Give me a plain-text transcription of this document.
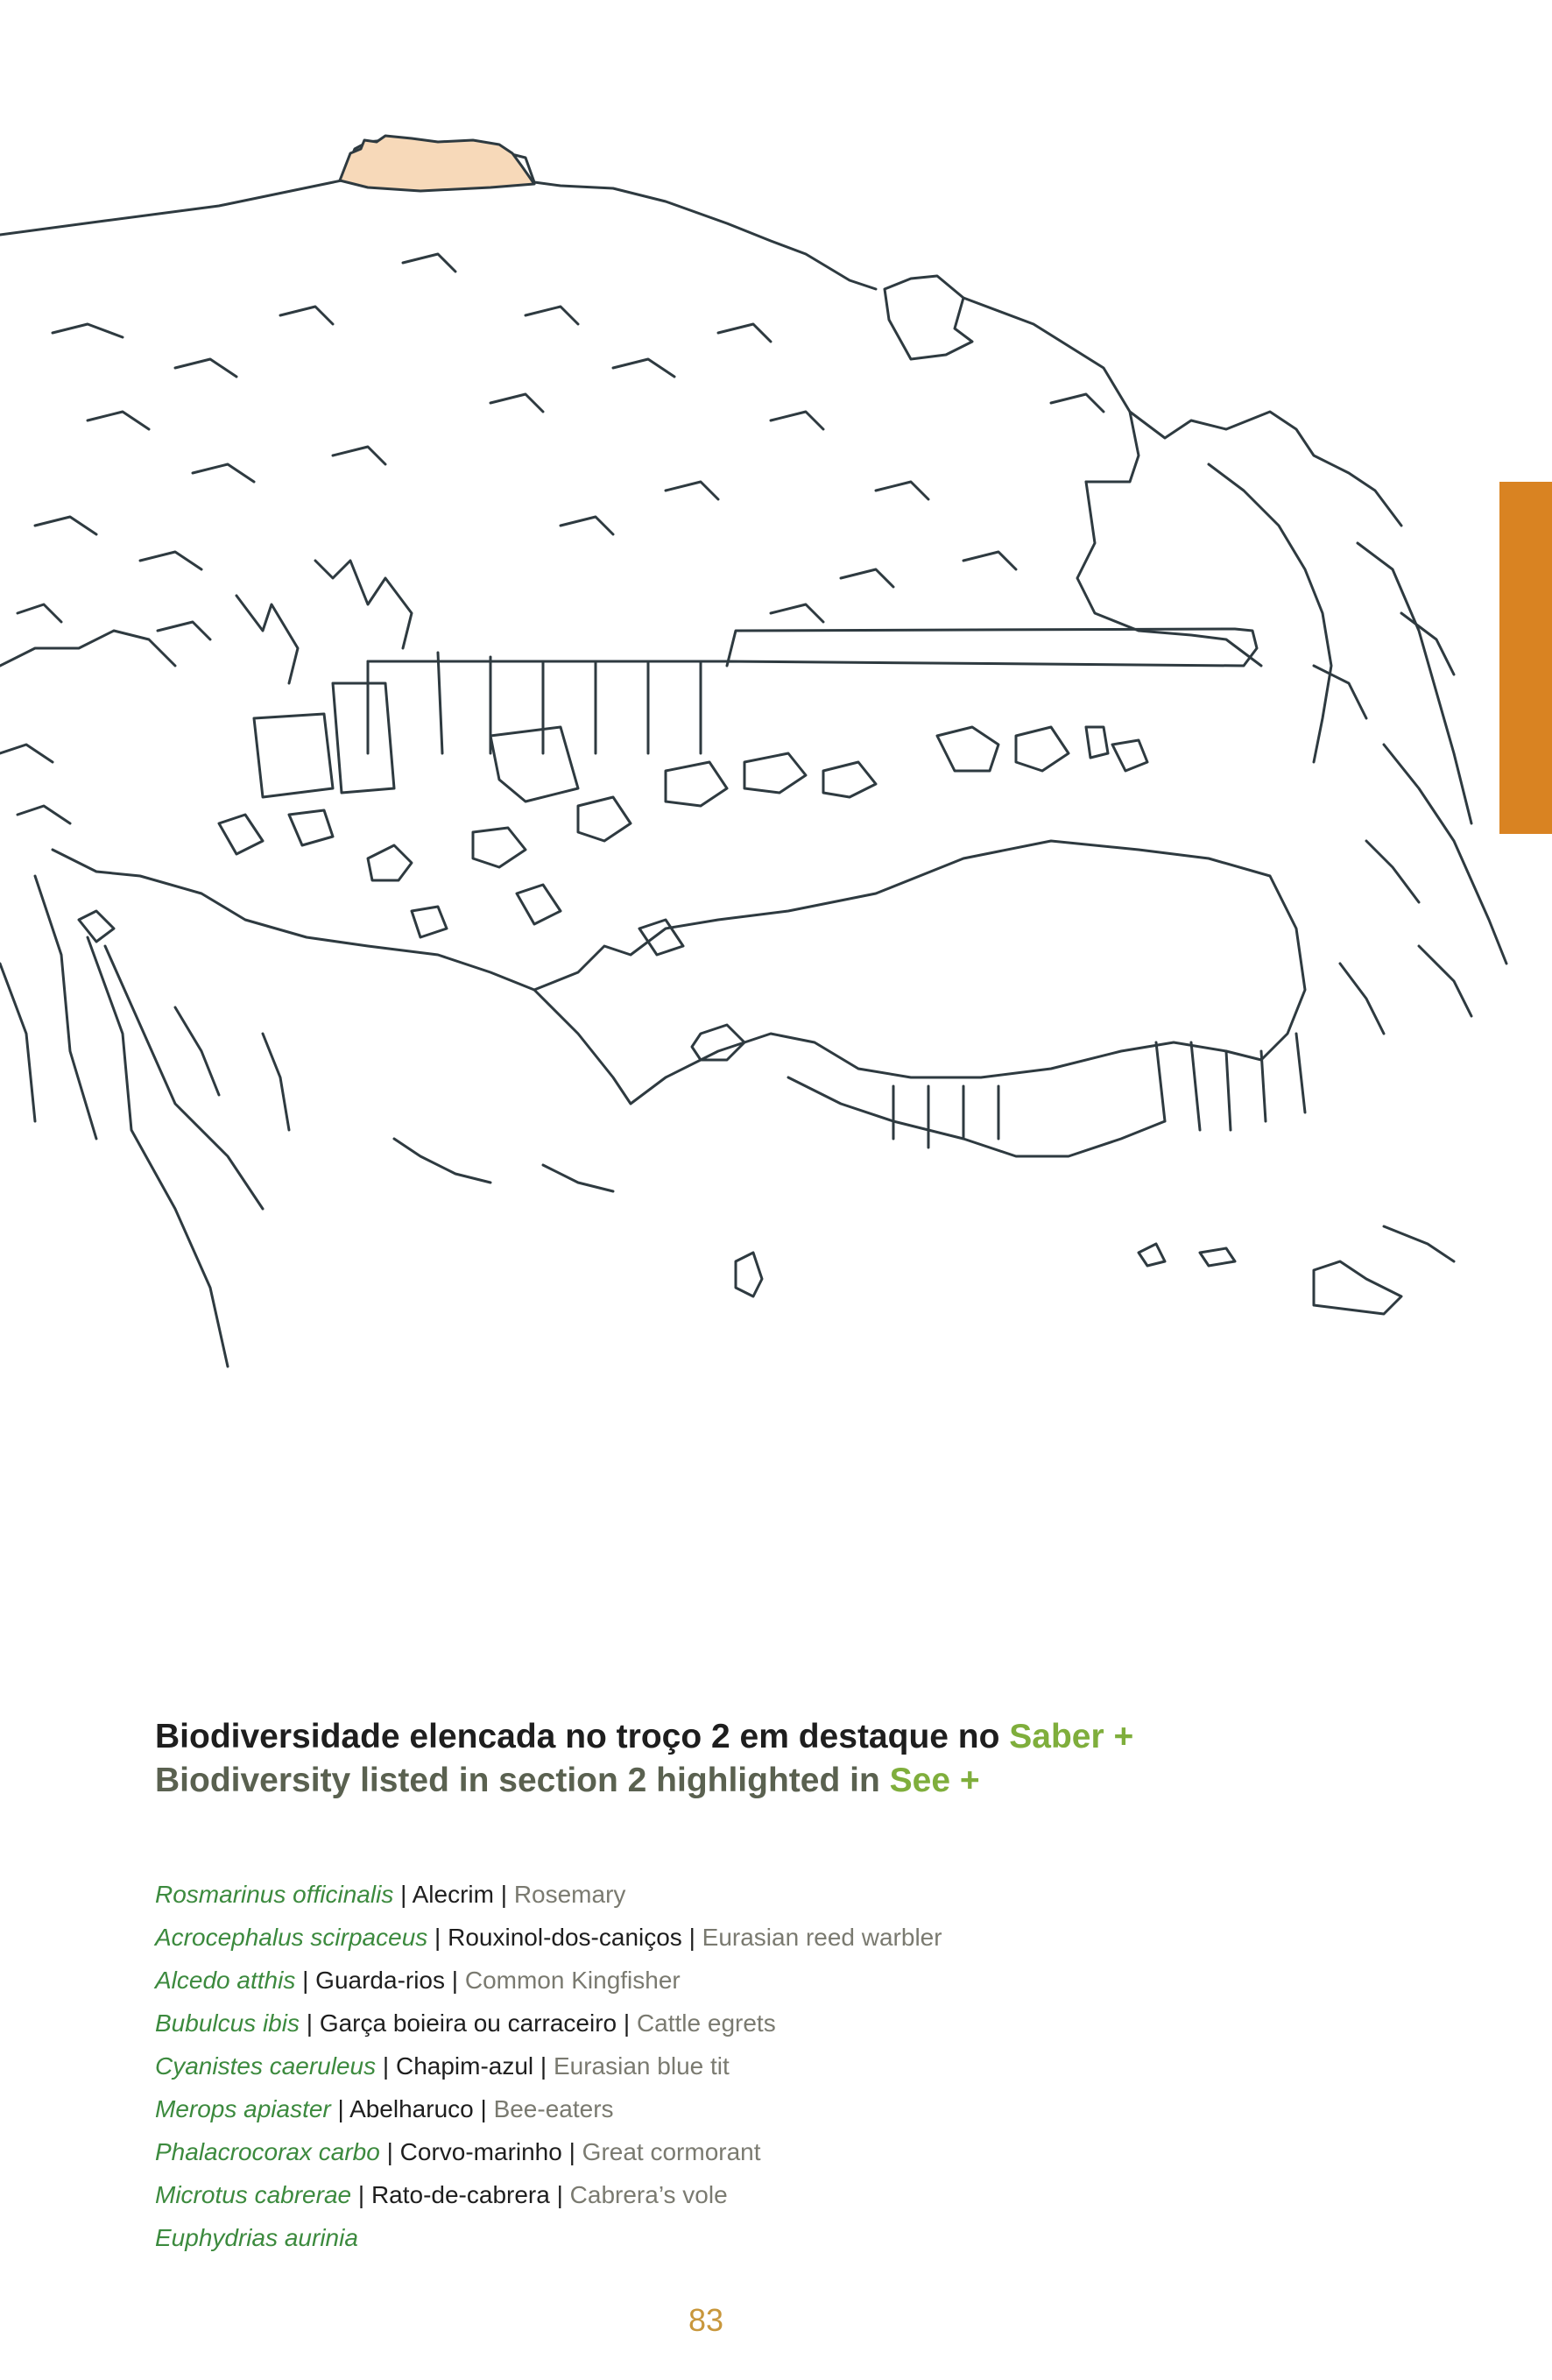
Biodiversidade elencada no troço 2 em destaque no Saber +
Biodiversity listed in section 2 highlighted in See +
Rosmarinus officinalis | Alecrim | Rosemary
Acrocephalus scirpaceus | Rouxinol-dos-caniços | Eurasian reed warbler
Alcedo atthis | Guarda-rios | Common Kingfisher
Bubulcus ibis | Garça boieira ou carraceiro | Cattle egrets
Cyanistes caeruleus | Chapim-azul | Eurasian blue tit
Merops apiaster | Abelharuco | Bee-eaters
Phalacrocorax carbo | Corvo-marinho | Great cormorant
Microtus cabrerae | Rato-de-cabrera | Cabrera’s vole
Euphydrias aurinia
83
